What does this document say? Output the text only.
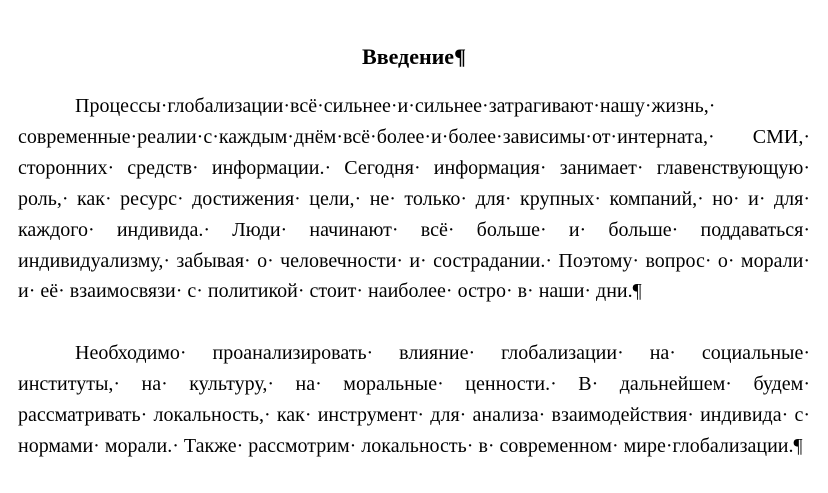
Введение¶

Процессы·глобализации·всё·сильнее·и·сильнее·затрагивают·нашу·жизнь,· современные·реалии·с·каждым·днём·всё·более·и·более·зависимы·от·интерната,· СМИ,· сторонних· средств· информации.· Сегодня· информация· занимает· главенствующую· роль,· как· ресурс· достижения· цели,· не· только· для· крупных· компаний,· но· и· для· каждого· индивида.· Люди· начинают· всё· больше· и· больше· поддаваться· индивидуализму,· забывая· о· человечности· и· сострадании.· Поэтому· вопрос· о· морали· и· её· взаимосвязи· с· политикой· стоит· наиболее· остро· в· наши· дни.¶

Необходимо· проанализировать· влияние· глобализации· на· социальные· институты,· на· культуру,· на· моральные· ценности.· В· дальнейшем· будем· рассматривать· локальность,· как· инструмент· для· анализа· взаимодействия· индивида· с· нормами· морали.· Также· рассмотрим· локальность· в· современном· мире·глобализации.¶
